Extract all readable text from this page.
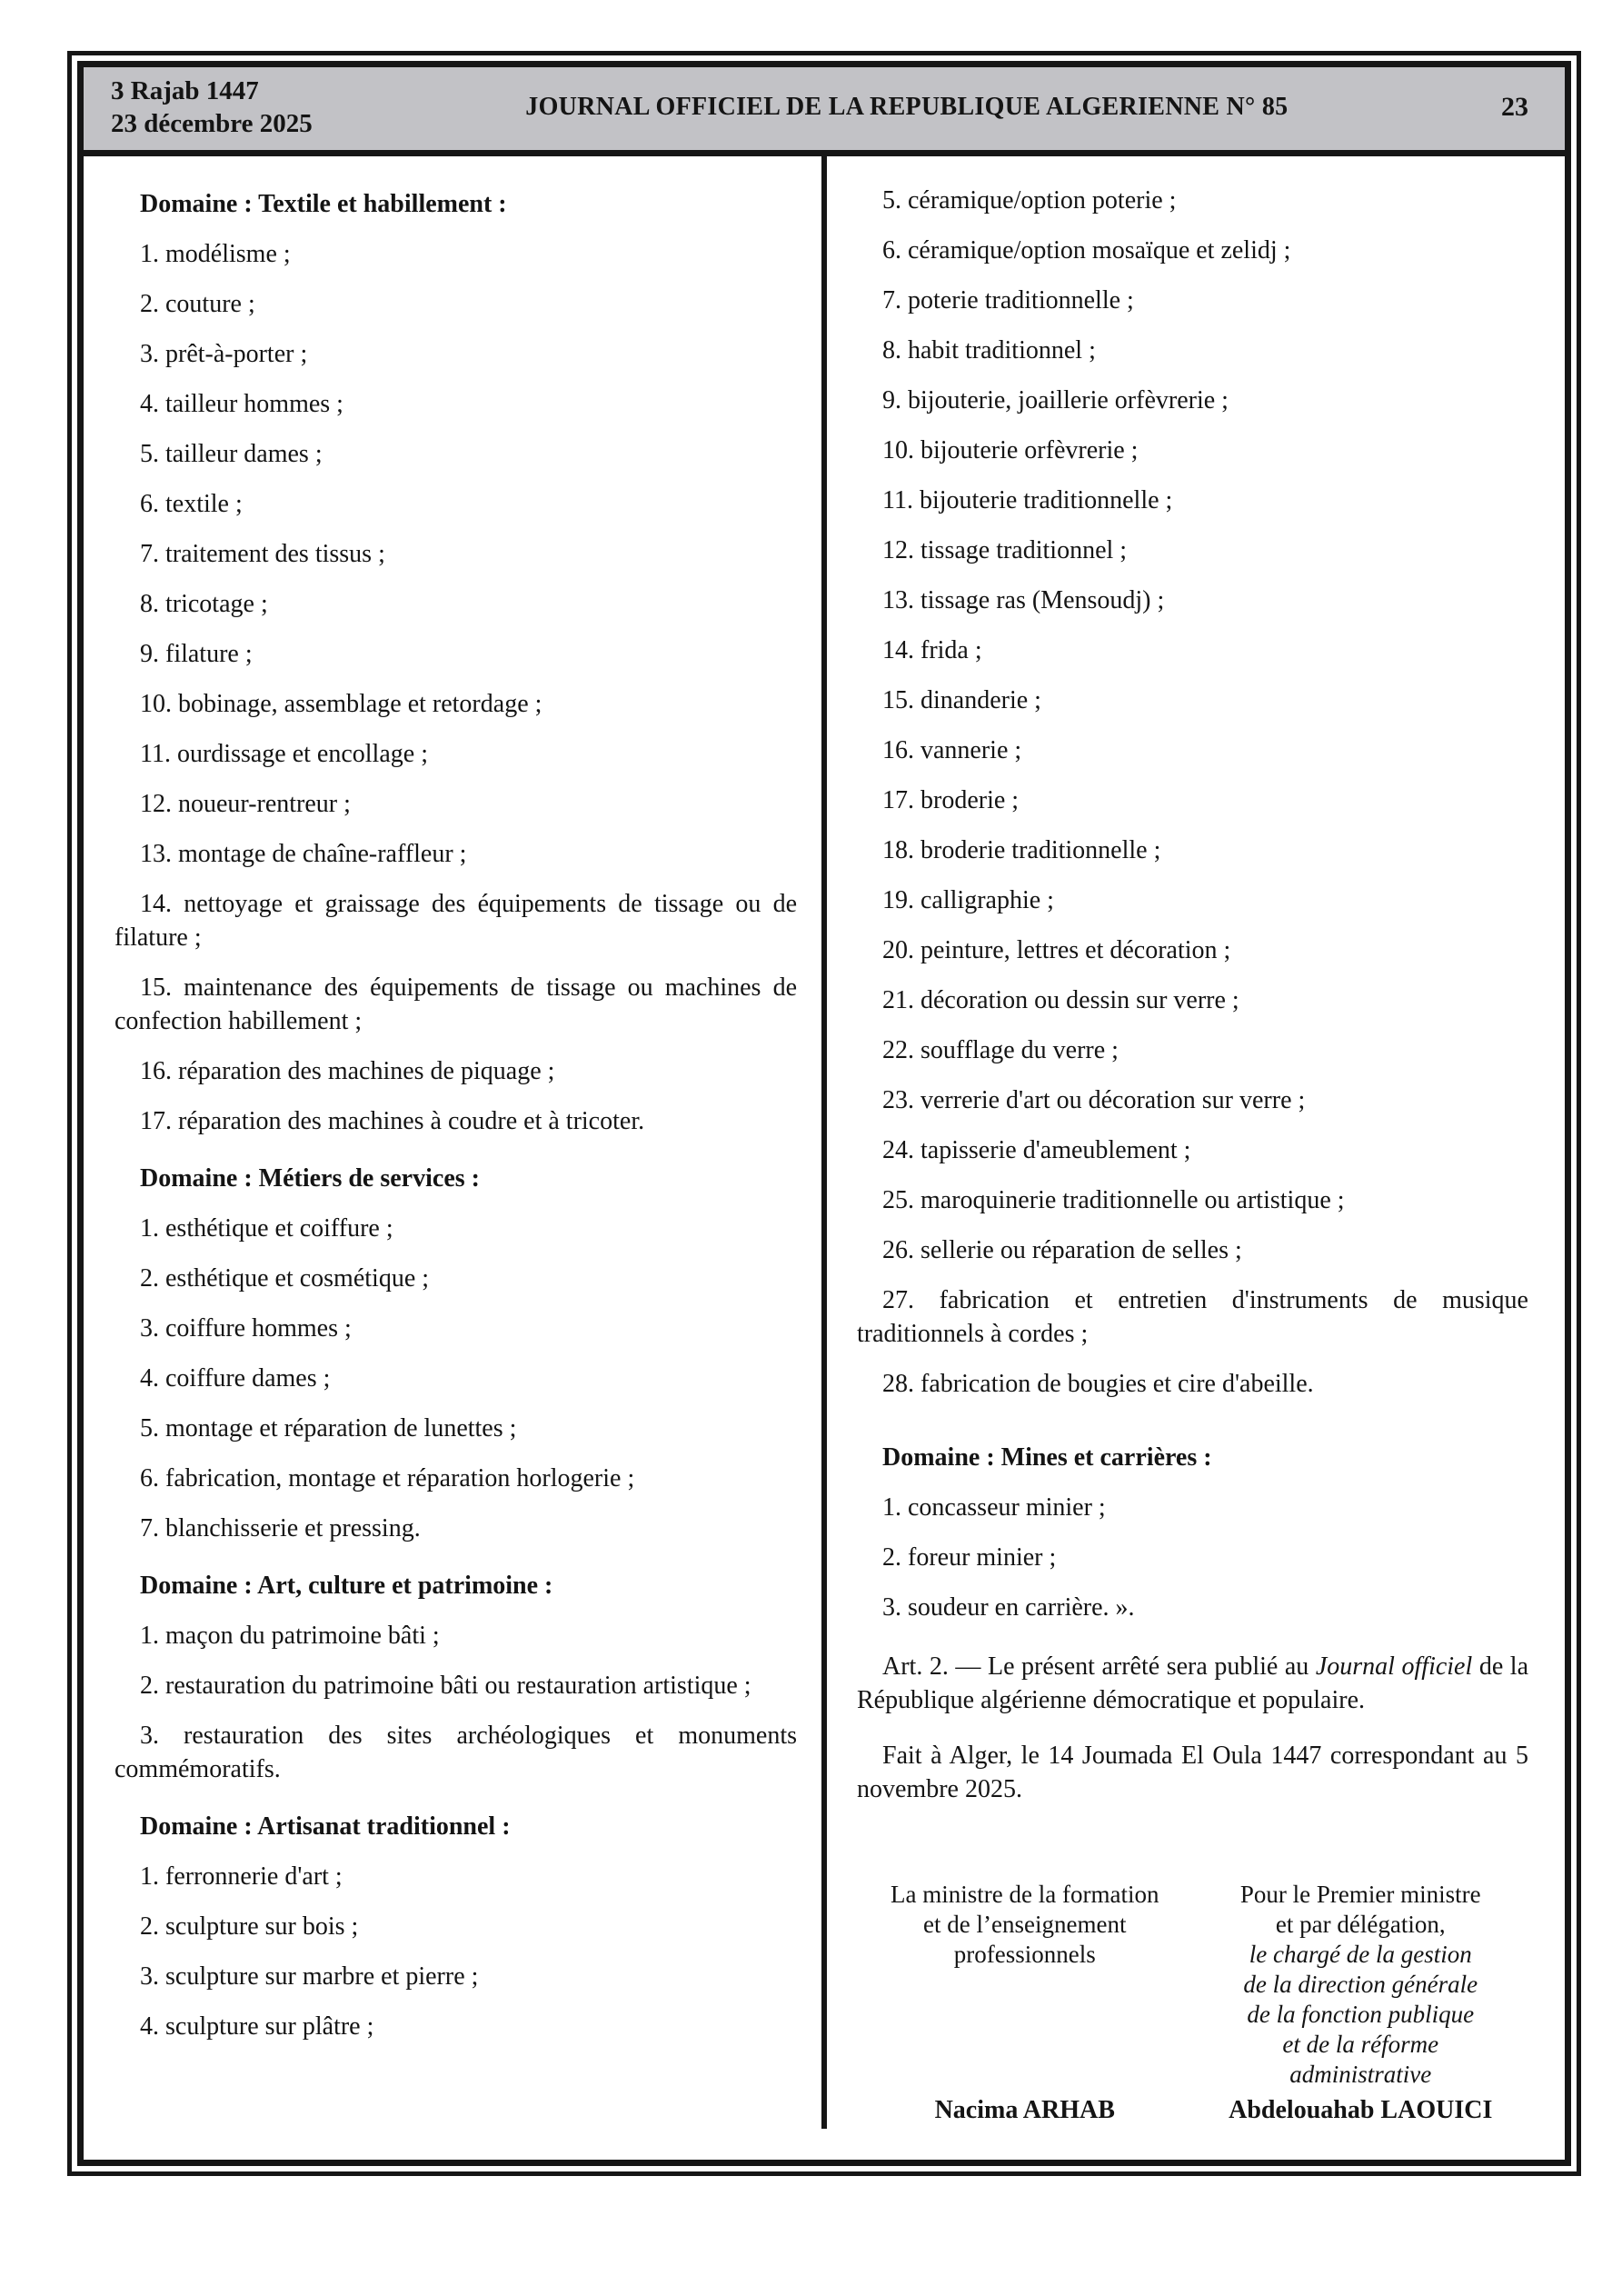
3 Rajab 1447
23 décembre 2025
JOURNAL OFFICIEL DE LA REPUBLIQUE ALGERIENNE N° 85	23
Domaine : Textile et habillement :

1. modélisme ;

2. couture ;

3. prêt-à-porter ;

4. tailleur hommes ;

5. tailleur dames ;

6. textile ;

7. traitement des tissus ;

8. tricotage ;

9. filature ;

10. bobinage, assemblage et retordage ;

11. ourdissage et encollage ;

12. noueur-rentreur ;

13. montage de chaîne-raffleur ;

14. nettoyage et graissage des équipements de tissage ou de filature ;

15. maintenance des équipements de tissage ou machines de confection habillement ;

16. réparation des machines de piquage ;

17. réparation des machines à coudre et à tricoter.

Domaine : Métiers de services :

1. esthétique et coiffure ;

2. esthétique et cosmétique ;

3. coiffure hommes ;

4. coiffure dames ;

5. montage et réparation de lunettes ;

6. fabrication, montage et réparation horlogerie ;

7. blanchisserie et pressing.

Domaine : Art, culture et patrimoine :

1. maçon du patrimoine bâti ;

2. restauration du patrimoine bâti ou restauration artistique ;

3. restauration des sites archéologiques et monuments commémoratifs.

Domaine : Artisanat traditionnel :

1. ferronnerie d'art ;

2. sculpture sur bois ;

3. sculpture sur marbre et pierre ;

4. sculpture sur plâtre ;

5. céramique/option poterie ;

6. céramique/option mosaïque et zelidj ;

7. poterie traditionnelle ;

8. habit traditionnel ;

9. bijouterie, joaillerie orfèvrerie ;

10. bijouterie orfèvrerie ;

11. bijouterie traditionnelle ;

12. tissage traditionnel ;

13. tissage ras (Mensoudj) ;

14. frida ;

15. dinanderie ;

16. vannerie ;

17. broderie ;

18. broderie traditionnelle ;

19. calligraphie ;

20. peinture, lettres et décoration ;

21. décoration ou dessin sur verre ;

22. soufflage du verre ;

23. verrerie d'art ou décoration sur verre ;

24. tapisserie d'ameublement ;

25. maroquinerie traditionnelle ou artistique ;

26. sellerie ou réparation de selles ;

27. fabrication et entretien d'instruments de musique traditionnels à cordes ;

28. fabrication de bougies et cire d'abeille.

Domaine : Mines et carrières :

1. concasseur minier ;

2. foreur minier ;

3. soudeur en carrière. ».

Art. 2. — Le présent arrêté sera publié au Journal officiel de la République algérienne démocratique et populaire.

Fait à Alger, le 14 Joumada El Oula 1447 correspondant au 5 novembre 2025.

La ministre de la formation
et de l’enseignement
professionnels
Nacima ARHAB
Pour le Premier ministre
et par délégation,
le chargé de la gestion
de la direction générale
de la fonction publique
et de la réforme
administrative
Abdelouahab LAOUICI
